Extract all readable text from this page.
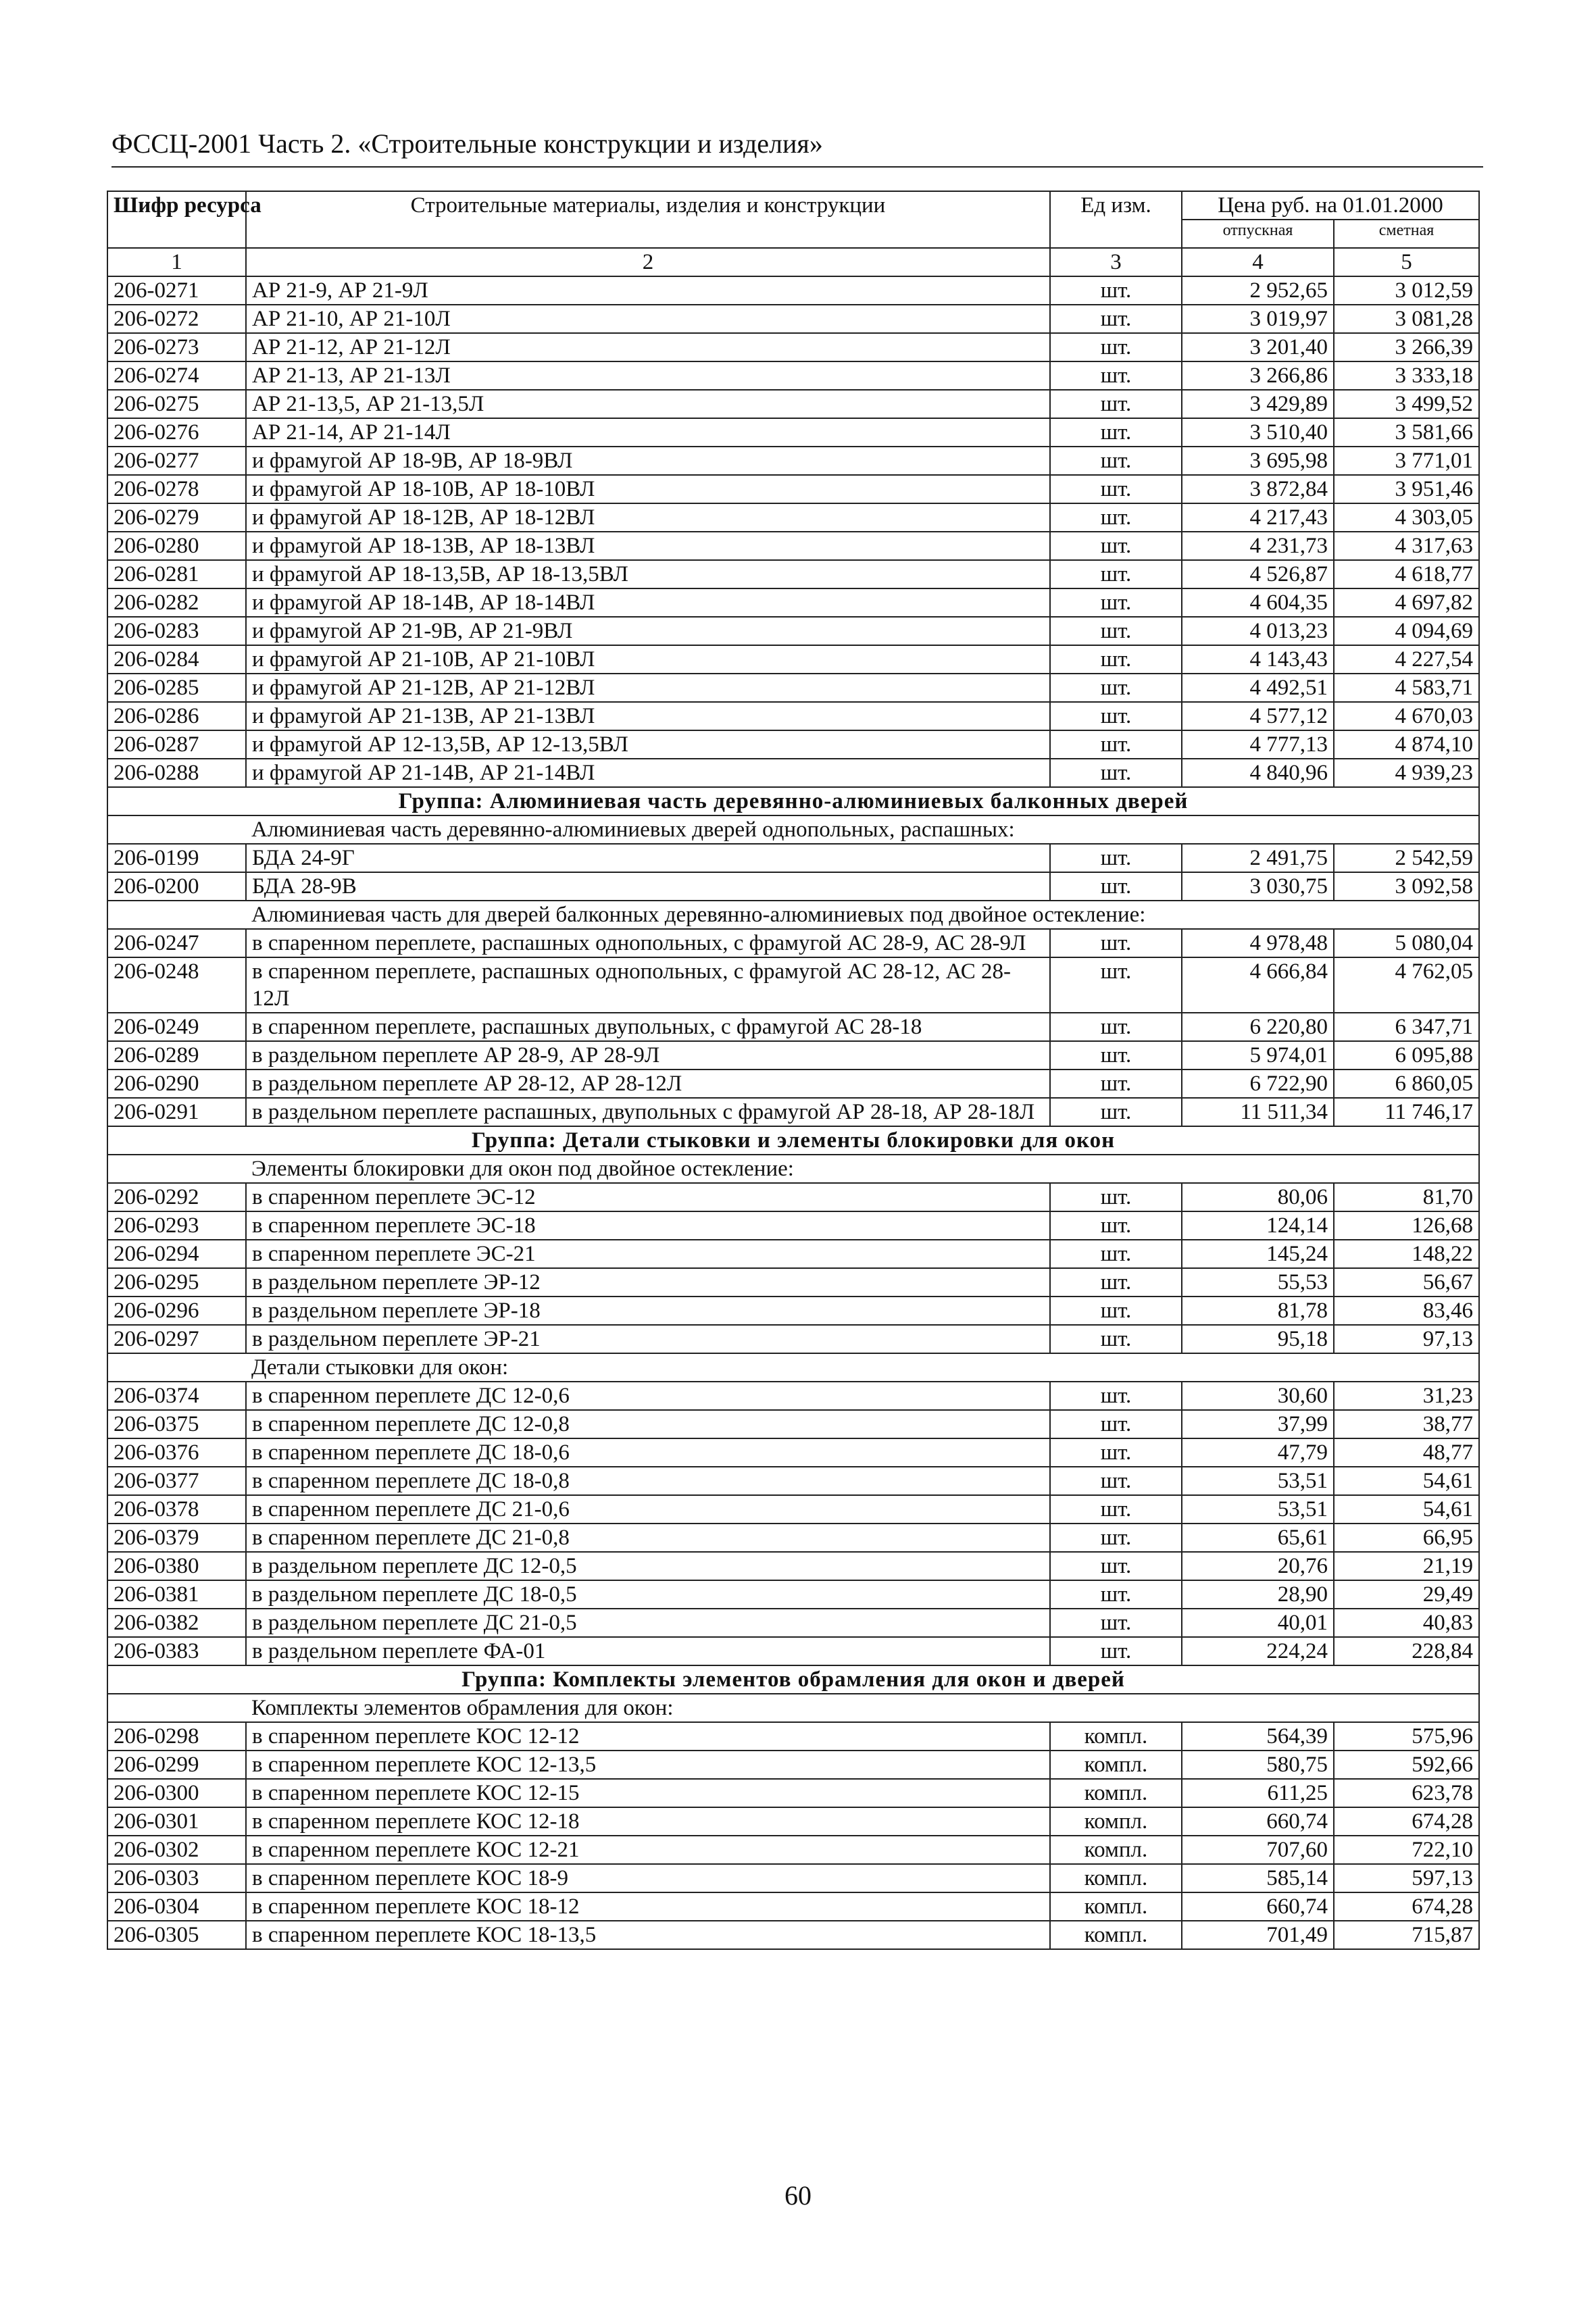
ФССЦ-2001 Часть 2. «Строительные конструкции и изделия»
Шифр ресурса	Строительные материалы, изделия и конструкции	Ед изм.	Цена руб. на 01.01.2000	
			отпускная	сметная
1	2	3	4	5
206-0271	АР 21-9, АР 21-9Л	шт.	2 952,65	3 012,59
206-0272	АР 21-10, АР 21-10Л	шт.	3 019,97	3 081,28
206-0273	АР 21-12, АР 21-12Л	шт.	3 201,40	3 266,39
206-0274	АР 21-13, АР 21-13Л	шт.	3 266,86	3 333,18
206-0275	АР 21-13,5, АР 21-13,5Л	шт.	3 429,89	3 499,52
206-0276	АР 21-14, АР 21-14Л	шт.	3 510,40	3 581,66
206-0277	и фрамугой АР 18-9В, АР 18-9ВЛ	шт.	3 695,98	3 771,01
206-0278	и фрамугой АР 18-10В, АР 18-10ВЛ	шт.	3 872,84	3 951,46
206-0279	и фрамугой АР 18-12В, АР 18-12ВЛ	шт.	4 217,43	4 303,05
206-0280	и фрамугой АР 18-13В, АР 18-13ВЛ	шт.	4 231,73	4 317,63
206-0281	и фрамугой АР 18-13,5В, АР 18-13,5ВЛ	шт.	4 526,87	4 618,77
206-0282	и фрамугой АР 18-14В, АР 18-14ВЛ	шт.	4 604,35	4 697,82
206-0283	и фрамугой АР 21-9В, АР 21-9ВЛ	шт.	4 013,23	4 094,69
206-0284	и фрамугой АР 21-10В, АР 21-10ВЛ	шт.	4 143,43	4 227,54
206-0285	и фрамугой АР 21-12В, АР 21-12ВЛ	шт.	4 492,51	4 583,71
206-0286	и фрамугой АР 21-13В, АР 21-13ВЛ	шт.	4 577,12	4 670,03
206-0287	и фрамугой АР 12-13,5В, АР 12-13,5ВЛ	шт.	4 777,13	4 874,10
206-0288	и фрамугой АР 21-14В, АР 21-14ВЛ	шт.	4 840,96	4 939,23
Группа: Алюминиевая часть деревянно-алюминиевых балконных дверей				
	Алюминиевая часть деревянно-алюминиевых дверей однопольных, распашных:			
206-0199	БДА 24-9Г	шт.	2 491,75	2 542,59
206-0200	БДА 28-9В	шт.	3 030,75	3 092,58
	Алюминиевая часть для дверей балконных деревянно-алюминиевых под двойное остекление:			
206-0247	в спаренном переплете, распашных однопольных, с фрамугой АС 28-9, АС 28-9Л	шт.	4 978,48	5 080,04
206-0248	в спаренном переплете, распашных однопольных, с фрамугой АС 28-12, АС 28-12Л	шт.	4 666,84	4 762,05
206-0249	в спаренном переплете, распашных двупольных, с фрамугой АС 28-18	шт.	6 220,80	6 347,71
206-0289	в раздельном переплете АР 28-9, АР 28-9Л	шт.	5 974,01	6 095,88
206-0290	в раздельном переплете АР 28-12, АР 28-12Л	шт.	6 722,90	6 860,05
206-0291	в раздельном переплете распашных, двупольных с фрамугой АР 28-18, АР 28-18Л	шт.	11 511,34	11 746,17
Группа: Детали стыковки и элементы блокировки для окон				
	Элементы блокировки для окон под двойное остекление:			
206-0292	в спаренном переплете ЭС-12	шт.	80,06	81,70
206-0293	в спаренном переплете ЭС-18	шт.	124,14	126,68
206-0294	в спаренном переплете ЭС-21	шт.	145,24	148,22
206-0295	в раздельном переплете ЭР-12	шт.	55,53	56,67
206-0296	в раздельном переплете ЭР-18	шт.	81,78	83,46
206-0297	в раздельном переплете ЭР-21	шт.	95,18	97,13
	Детали стыковки для окон:			
206-0374	в спаренном переплете ДС 12-0,6	шт.	30,60	31,23
206-0375	в спаренном переплете ДС 12-0,8	шт.	37,99	38,77
206-0376	в спаренном переплете ДС 18-0,6	шт.	47,79	48,77
206-0377	в спаренном переплете ДС 18-0,8	шт.	53,51	54,61
206-0378	в спаренном переплете ДС 21-0,6	шт.	53,51	54,61
206-0379	в спаренном переплете ДС 21-0,8	шт.	65,61	66,95
206-0380	в раздельном переплете ДС 12-0,5	шт.	20,76	21,19
206-0381	в раздельном переплете ДС 18-0,5	шт.	28,90	29,49
206-0382	в раздельном переплете ДС 21-0,5	шт.	40,01	40,83
206-0383	в раздельном переплете ФА-01	шт.	224,24	228,84
Группа: Комплекты элементов обрамления для окон и дверей				
	Комплекты элементов обрамления для окон:			
206-0298	в спаренном переплете КОС 12-12	компл.	564,39	575,96
206-0299	в спаренном переплете КОС 12-13,5	компл.	580,75	592,66
206-0300	в спаренном переплете КОС 12-15	компл.	611,25	623,78
206-0301	в спаренном переплете КОС 12-18	компл.	660,74	674,28
206-0302	в спаренном переплете КОС 12-21	компл.	707,60	722,10
206-0303	в спаренном переплете КОС 18-9	компл.	585,14	597,13
206-0304	в спаренном переплете КОС 18-12	компл.	660,74	674,28
206-0305	в спаренном переплете КОС 18-13,5	компл.	701,49	715,87
60
